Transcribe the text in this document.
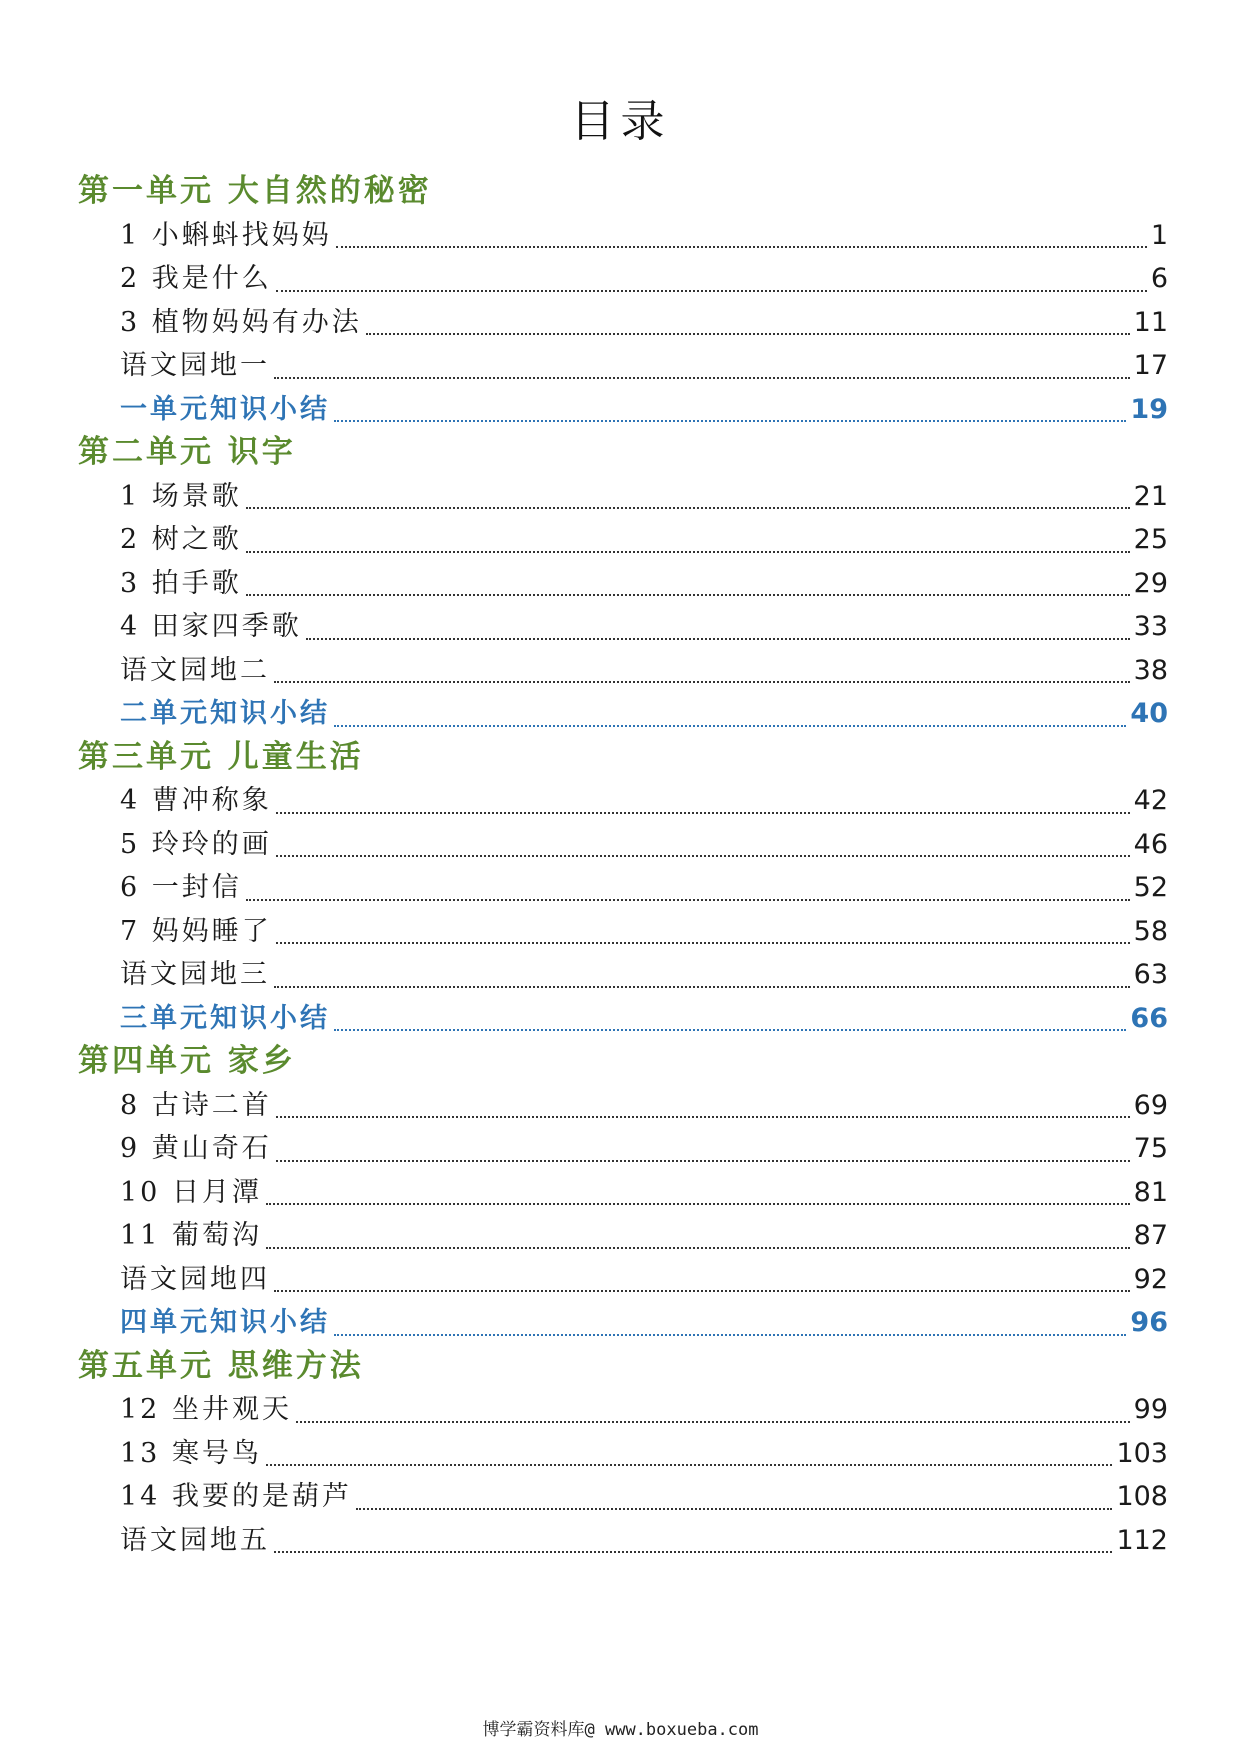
目录
第一单元 大自然的秘密
1 小蝌蚪找妈妈	1
2 我是什么	6
3 植物妈妈有办法	11
语文园地一	17
一单元知识小结	19
第二单元 识字
1 场景歌	21
2 树之歌	25
3 拍手歌	29
4 田家四季歌	33
语文园地二	38
二单元知识小结	40
第三单元 儿童生活
4 曹冲称象	42
5 玲玲的画	46
6 一封信	52
7 妈妈睡了	58
语文园地三	63
三单元知识小结	66
第四单元 家乡
8 古诗二首	69
9 黄山奇石	75
10 日月潭	81
11 葡萄沟	87
语文园地四	92
四单元知识小结	96
第五单元 思维方法
12 坐井观天	99
13 寒号鸟	103
14 我要的是葫芦	108
语文园地五	112
博学霸资料库@ www.boxueba.com
